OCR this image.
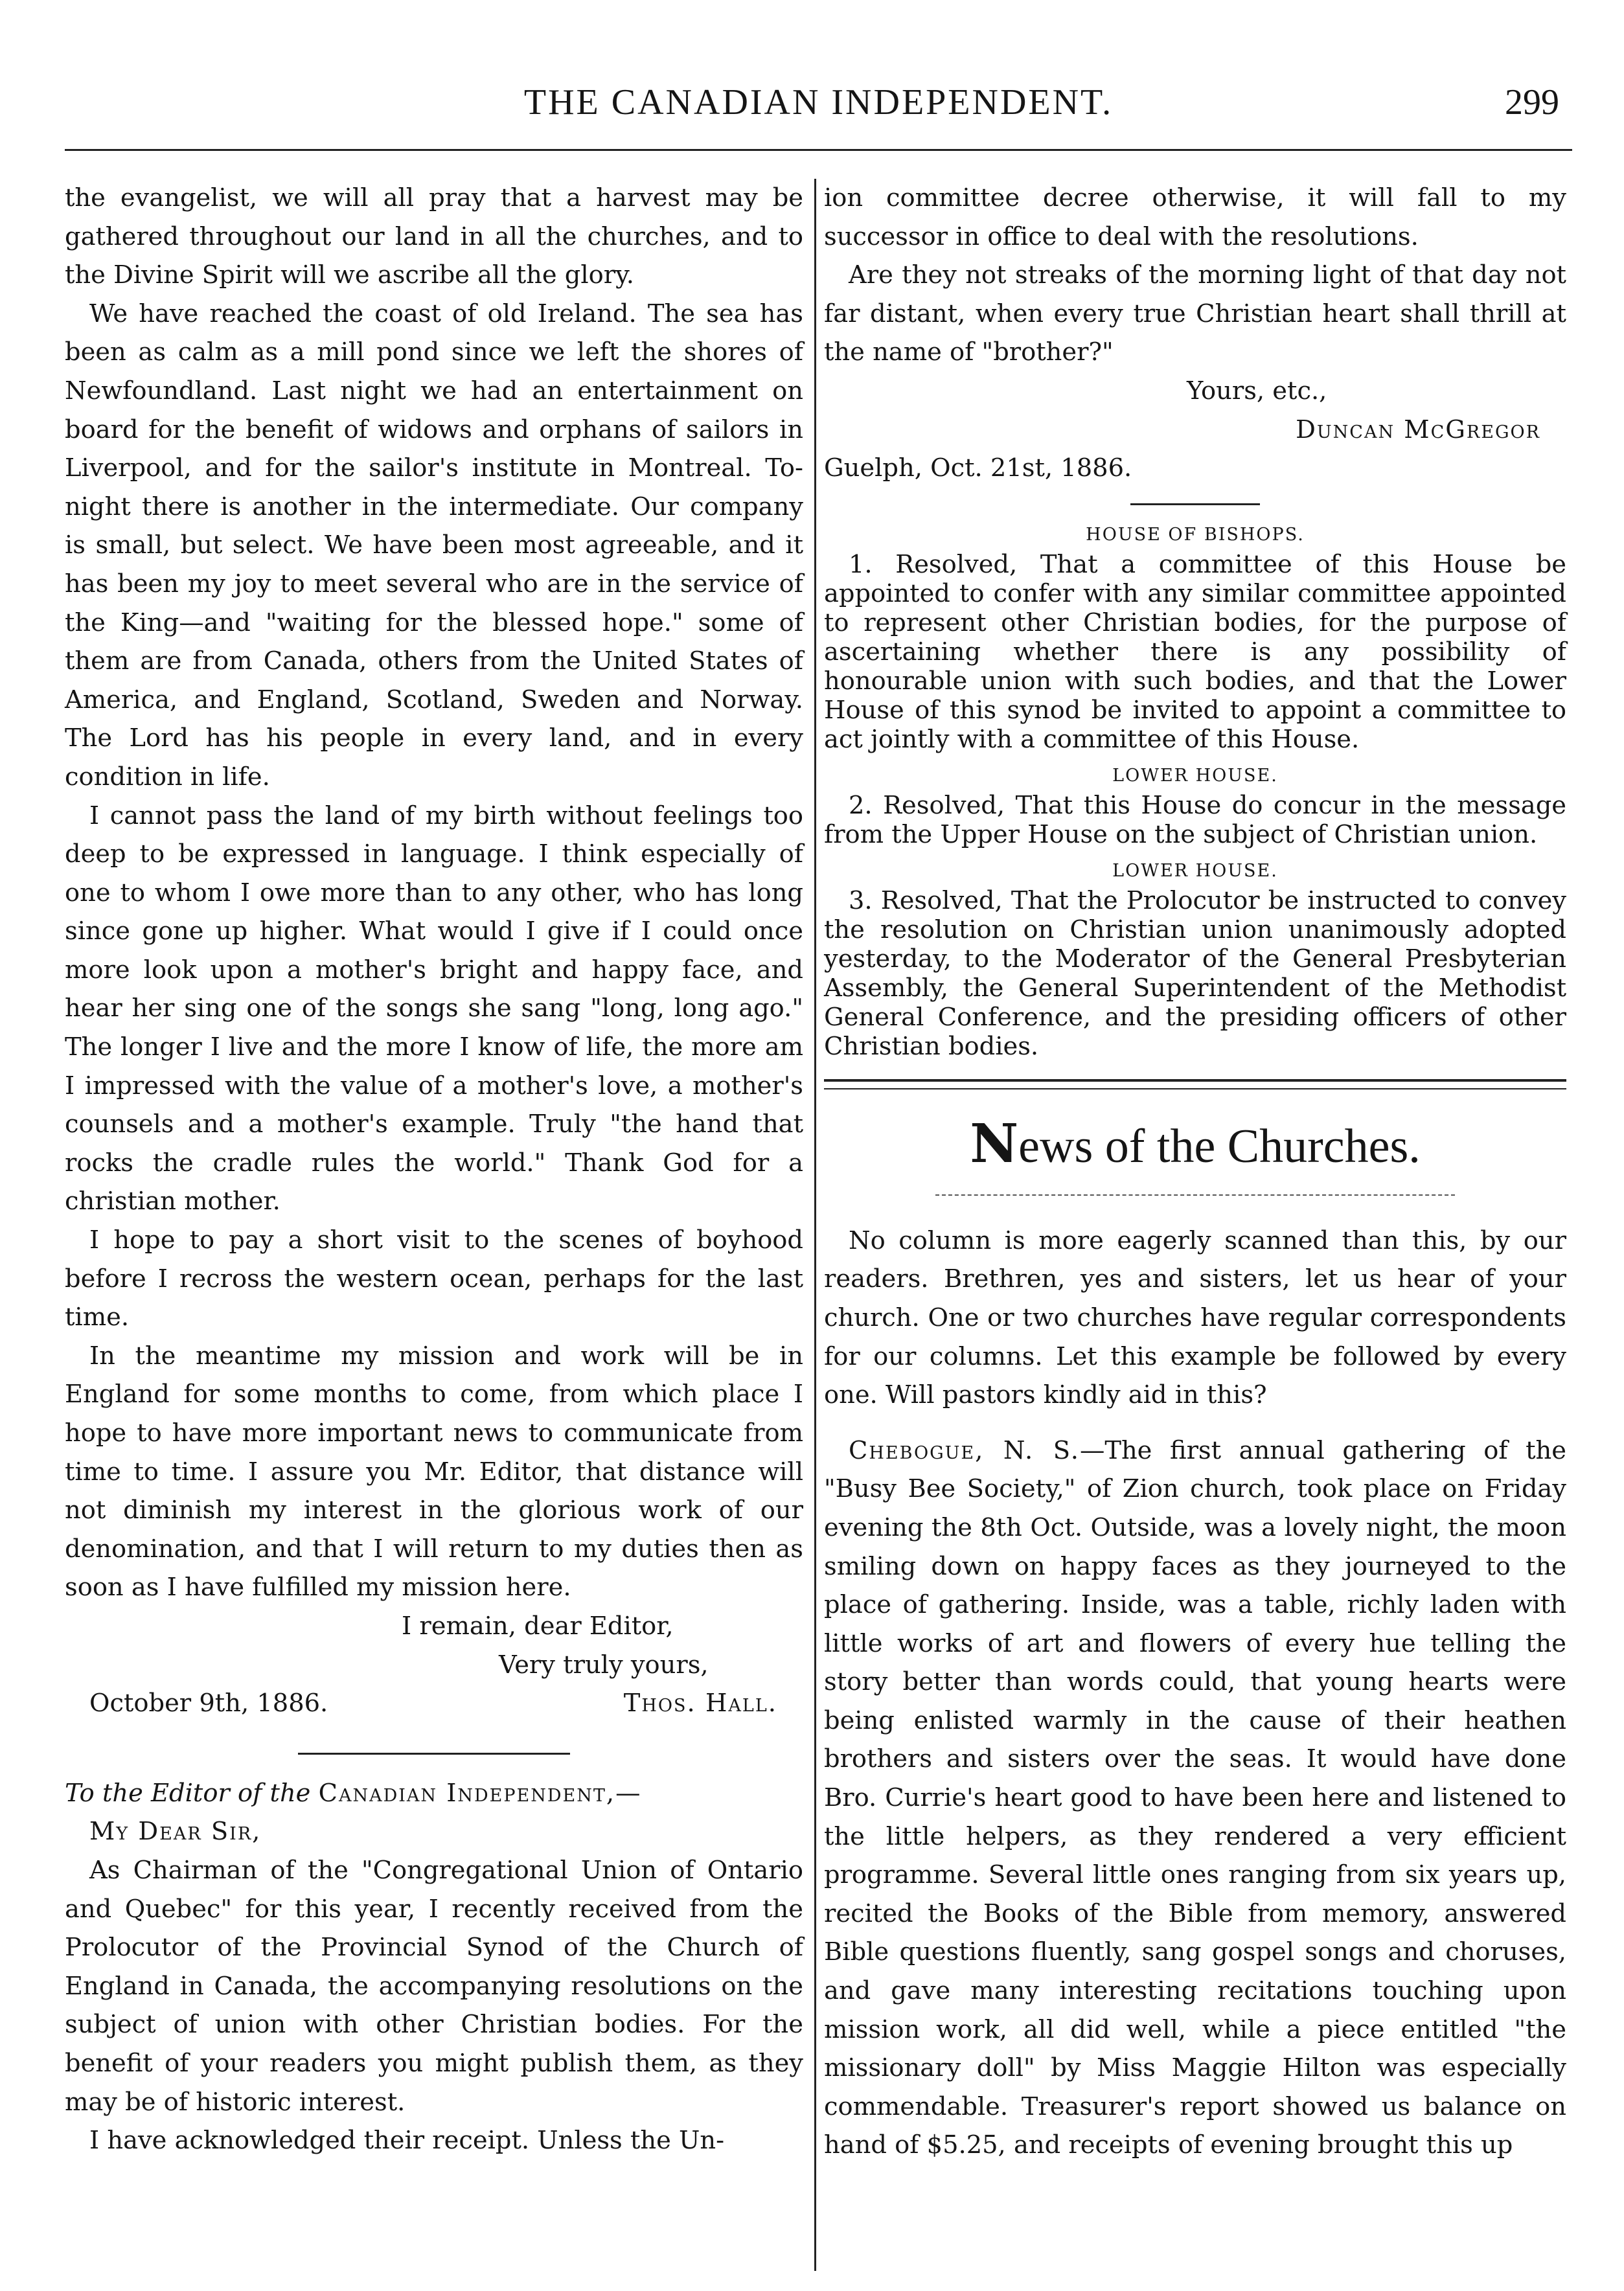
THE CANADIAN INDEPENDENT.	299

the evangelist, we will all pray that a harvest may be gathered throughout our land in all the churches, and to the Divine Spirit will we ascribe all the glory.

We have reached the coast of old Ireland. The sea has been as calm as a mill pond since we left the shores of Newfoundland. Last night we had an entertainment on board for the benefit of widows and orphans of sailors in Liverpool, and for the sailor's institute in Montreal. To-night there is another in the intermediate. Our company is small, but select. We have been most agreeable, and it has been my joy to meet several who are in the service of the King—and "waiting for the blessed hope." some of them are from Canada, others from the United States of America, and England, Scotland, Sweden and Norway. The Lord has his people in every land, and in every condition in life.

I cannot pass the land of my birth without feelings too deep to be expressed in language. I think especially of one to whom I owe more than to any other, who has long since gone up higher. What would I give if I could once more look upon a mother's bright and happy face, and hear her sing one of the songs she sang "long, long ago." The longer I live and the more I know of life, the more am I impressed with the value of a mother's love, a mother's counsels and a mother's example. Truly "the hand that rocks the cradle rules the world." Thank God for a christian mother.

I hope to pay a short visit to the scenes of boyhood before I recross the western ocean, perhaps for the last time.

In the meantime my mission and work will be in England for some months to come, from which place I hope to have more important news to communicate from time to time. I assure you Mr. Editor, that distance will not diminish my interest in the glorious work of our denomination, and that I will return to my duties then as soon as I have fulfilled my mission here.

I remain, dear Editor,

Very truly yours,

October 9th, 1886.	Thos. Hall.

To the Editor of the Canadian Independent,—

My Dear Sir,

As Chairman of the "Congregational Union of Ontario and Quebec" for this year, I recently received from the Prolocutor of the Provincial Synod of the Church of England in Canada, the accompanying resolutions on the subject of union with other Christian bodies. For the benefit of your readers you might publish them, as they may be of historic interest.

I have acknowledged their receipt. Unless the Un-

ion committee decree otherwise, it will fall to my successor in office to deal with the resolutions.

Are they not streaks of the morning light of that day not far distant, when every true Christian heart shall thrill at the name of "brother?"

Yours, etc.,

Duncan McGregor

Guelph, Oct. 21st, 1886.

HOUSE OF BISHOPS.

1. Resolved, That a committee of this House be appointed to confer with any similar committee appointed to represent other Christian bodies, for the purpose of ascertaining whether there is any possibility of honourable union with such bodies, and that the Lower House of this synod be invited to appoint a committee to act jointly with a committee of this House.

LOWER HOUSE.

2. Resolved, That this House do concur in the message from the Upper House on the subject of Christian union.

LOWER HOUSE.

3. Resolved, That the Prolocutor be instructed to convey the resolution on Christian union unanimously adopted yesterday, to the Moderator of the General Presbyterian Assembly, the General Superintendent of the Methodist General Conference, and the presiding officers of other Christian bodies.

News of the Churches.

No column is more eagerly scanned than this, by our readers. Brethren, yes and sisters, let us hear of your church. One or two churches have regular correspondents for our columns. Let this example be followed by every one. Will pastors kindly aid in this?

Chebogue, N. S.—The first annual gathering of the "Busy Bee Society," of Zion church, took place on Friday evening the 8th Oct. Outside, was a lovely night, the moon smiling down on happy faces as they journeyed to the place of gathering. Inside, was a table, richly laden with little works of art and flowers of every hue telling the story better than words could, that young hearts were being enlisted warmly in the cause of their heathen brothers and sisters over the seas. It would have done Bro. Currie's heart good to have been here and listened to the little helpers, as they rendered a very efficient programme. Several little ones ranging from six years up, recited the Books of the Bible from memory, answered Bible questions fluently, sang gospel songs and choruses, and gave many interesting recitations touching upon mission work, all did well, while a piece entitled "the missionary doll" by Miss Maggie Hilton was especially commendable. Treasurer's report showed us balance on hand of $5.25, and receipts of evening brought this up
